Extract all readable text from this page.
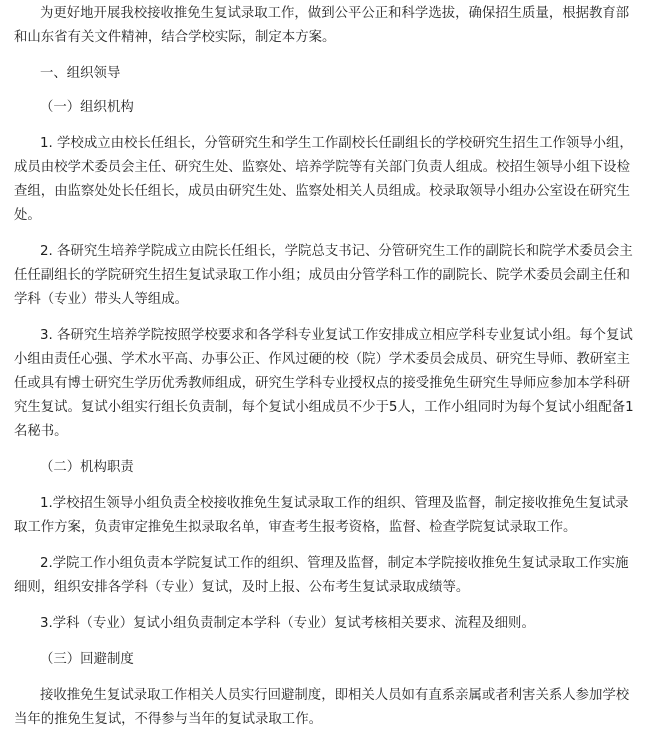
为更好地开展我校接收推免生复试录取工作，做到公平公正和科学选拔，确保招生质量，根据教育部和山东省有关文件精神，结合学校实际，制定本方案。

一、组织领导

（一）组织机构

1. 学校成立由校长任组长，分管研究生和学生工作副校长任副组长的学校研究生招生工作领导小组，成员由校学术委员会主任、研究生处、监察处、培养学院等有关部门负责人组成。校招生领导小组下设检查组，由监察处处长任组长，成员由研究生处、监察处相关人员组成。校录取领导小组办公室设在研究生处。

2. 各研究生培养学院成立由院长任组长，学院总支书记、分管研究生工作的副院长和院学术委员会主任任副组长的学院研究生招生复试录取工作小组；成员由分管学科工作的副院长、院学术委员会副主任和学科（专业）带头人等组成。

3. 各研究生培养学院按照学校要求和各学科专业复试工作安排成立相应学科专业复试小组。每个复试小组由责任心强、学术水平高、办事公正、作风过硬的校（院）学术委员会成员、研究生导师、教研室主任或具有博士研究生学历优秀教师组成，研究生学科专业授权点的接受推免生研究生导师应参加本学科研究生复试。复试小组实行组长负责制，每个复试小组成员不少于5人，工作小组同时为每个复试小组配备1名秘书。

（二）机构职责

1.学校招生领导小组负责全校接收推免生复试录取工作的组织、管理及监督，制定接收推免生复试录取工作方案，负责审定推免生拟录取名单，审查考生报考资格，监督、检查学院复试录取工作。

2.学院工作小组负责本学院复试工作的组织、管理及监督，制定本学院接收推免生复试录取工作实施细则，组织安排各学科（专业）复试，及时上报、公布考生复试录取成绩等。

3.学科（专业）复试小组负责制定本学科（专业）复试考核相关要求、流程及细则。

（三）回避制度

接收推免生复试录取工作相关人员实行回避制度，即相关人员如有直系亲属或者利害关系人参加学校当年的推免生复试，不得参与当年的复试录取工作。
